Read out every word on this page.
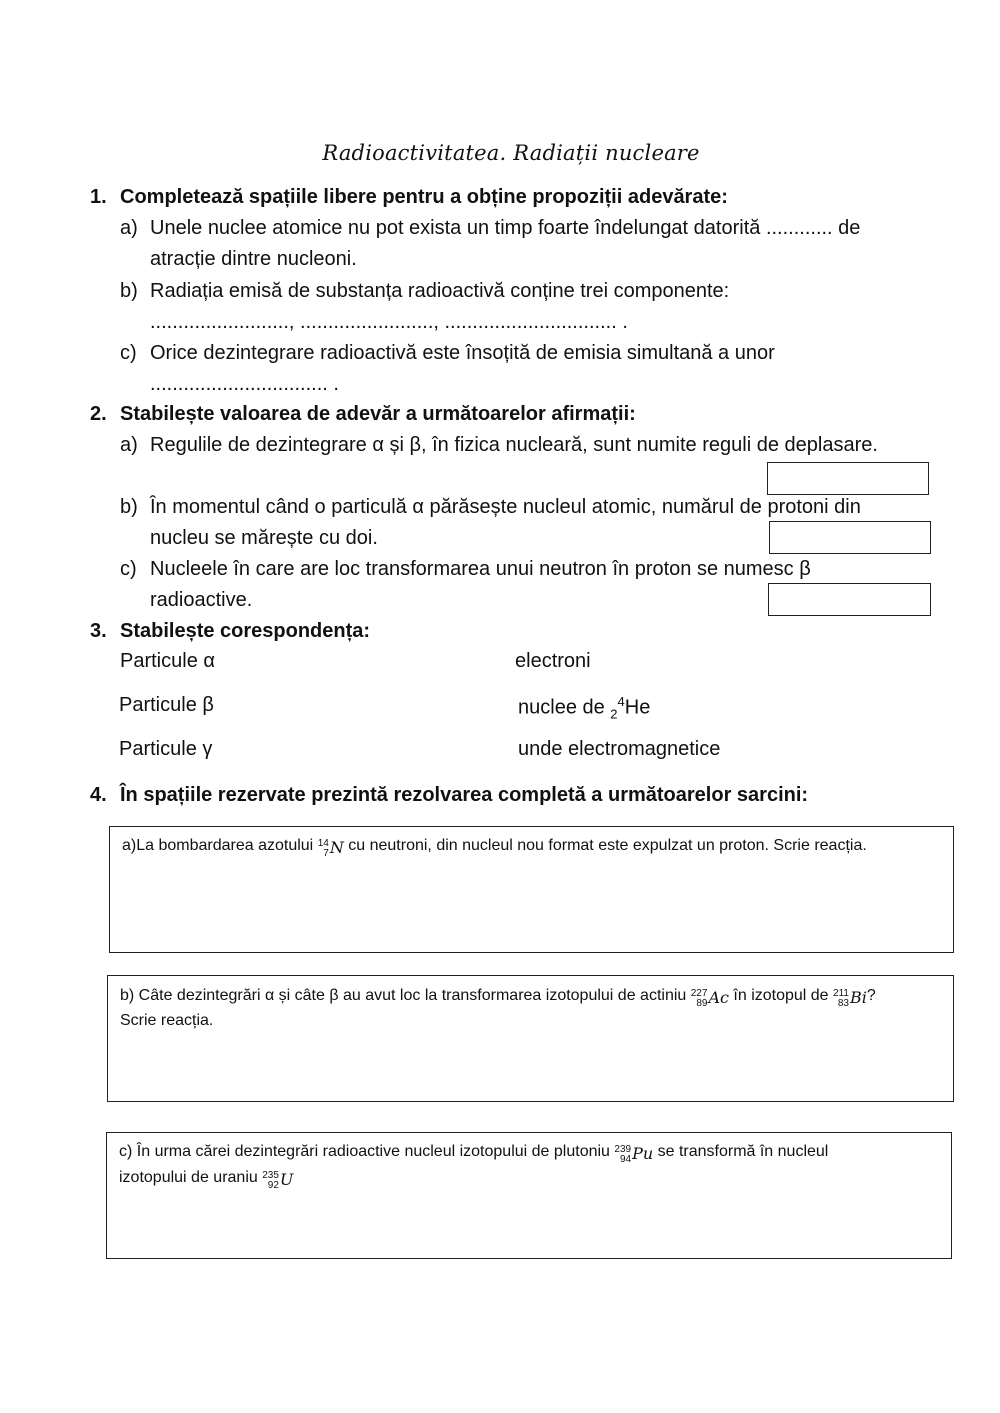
Radioactivitatea. Radiații nucleare
1. Completează spațiile libere pentru a obține propoziții adevărate:
a) Unele nuclee atomice nu pot exista un timp foarte îndelungat datorită ............ de
atracție dintre nucleoni.
b) Radiația emisă de substanța radioactivă conține trei componente:
........................., ........................, ............................... .
c) Orice dezintegrare radioactivă este însoțită de emisia simultană a unor
................................ .
2. Stabilește valoarea de adevăr a următoarelor afirmații:
a) Regulile de dezintegrare α și β, în fizica nucleară, sunt numite reguli de deplasare.
b) În momentul când o particulă α părăsește nucleul atomic, numărul de protoni din
nucleu se mărește cu doi.
c) Nucleele în care are loc transformarea unui neutron în proton se numesc β
radioactive.
3. Stabilește corespondența:
Particule α	electroni
Particule β	nuclee de $_2^4$He
Particule γ	unde electromagnetice
4. În spațiile rezervate prezintă rezolvarea completă a următoarelor sarcini:
a)La bombardarea azotului 14
7 N cu neutroni, din nucleul nou format este expulzat un proton. Scrie reacția.
b) Câte dezintegrări α și câte β au avut loc la transformarea izotopului de actiniu 227
89 Ac în izotopul de 211
83 Bi?
Scrie reacția.
c) În urma cărei dezintegrări radioactive nucleul izotopului de plutoniu 239
94 Pu se transformă în nucleul
izotopului de uraniu 235
92 U
